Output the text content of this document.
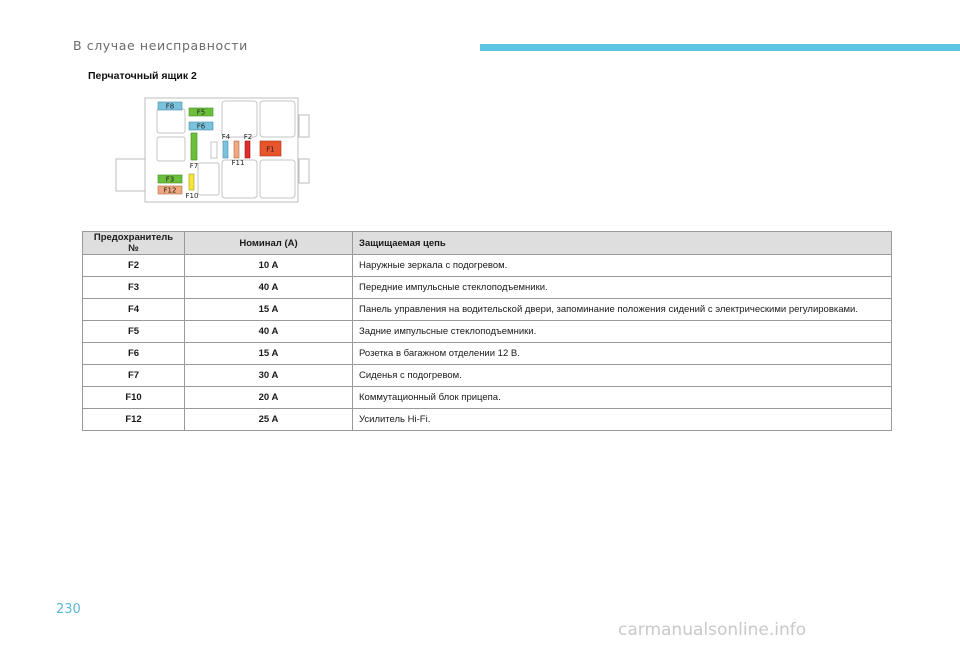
В случае неисправности
Перчаточный ящик 2
F8
F5
F6
F7
F4
F11
F2
F1
F3
F12
F10
Предохранитель №	Номинал (A)	Защищаемая цепь
F2	10 A	Наружные зеркала с подогревом.
F3	40 A	Передние импульсные стеклоподъемники.
F4	15 A	Панель управления на водительской двери, запоминание положения сидений с электрическими регулировками.
F5	40 A	Задние импульсные стеклоподъемники.
F6	15 A	Розетка в багажном отделении 12 В.
F7	30 A	Сиденья с подогревом.
F10	20 A	Коммутационный блок прицепа.
F12	25 A	Усилитель Hi-Fi.
230
carmanualsonline.info
